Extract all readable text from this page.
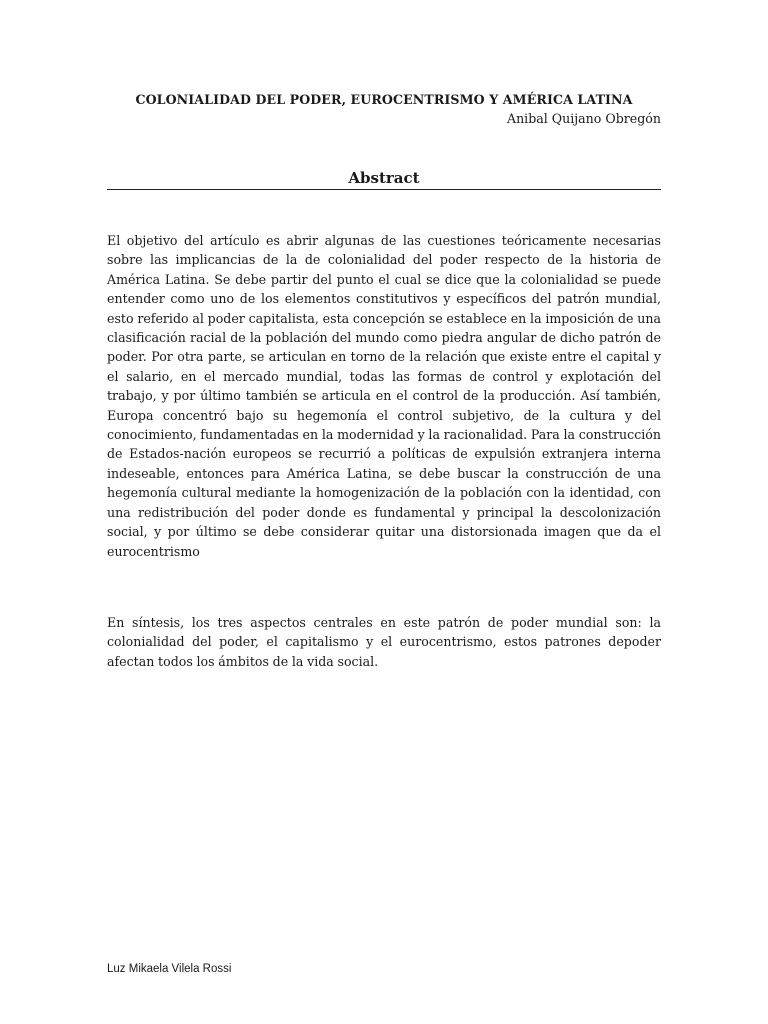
COLONIALIDAD DEL PODER, EUROCENTRISMO Y AMÉRICA LATINA
Anibal Quijano Obregón
Abstract
El objetivo del artículo es abrir algunas de las cuestiones teóricamente necesarias sobre las implicancias de la de colonialidad del poder respecto de la historia de América Latina. Se debe partir del punto el cual se dice que la colonialidad se puede entender como uno de los elementos constitutivos y específicos del patrón mundial, esto referido al poder capitalista, esta concepción se establece en la imposición de una clasificación racial de la población del mundo como piedra angular de dicho patrón de poder. Por otra parte, se articulan en torno de la relación que existe entre el capital y el salario, en el mercado mundial, todas las formas de control y explotación del trabajo, y por último también se articula en el control de la producción. Así también, Europa concentró bajo su hegemonía el control subjetivo, de la cultura y del conocimiento, fundamentadas en la modernidad y la racionalidad. Para la construcción de Estados-nación europeos se recurrió a políticas de expulsión extranjera interna indeseable, entonces para América Latina, se debe buscar la construcción de una hegemonía cultural mediante la homogenización de la población con la identidad, con una redistribución del poder donde es fundamental y principal la descolonización social, y por último se debe considerar quitar una distorsionada imagen que da el eurocentrismo
En síntesis, los tres aspectos centrales en este patrón de poder mundial son: la colonialidad del poder, el capitalismo y el eurocentrismo, estos patrones depoder afectan todos los ámbitos de la vida social.
Luz Mikaela Vilela Rossi
